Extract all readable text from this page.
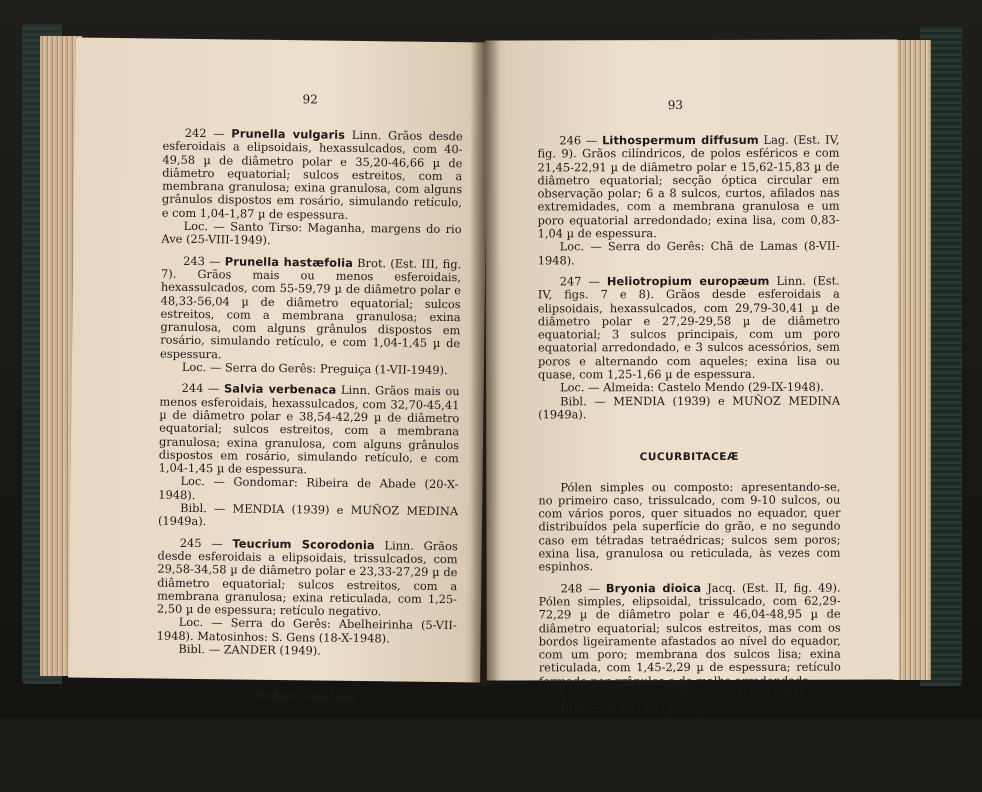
92

242 — Prunella vulgaris Linn. Grãos desde esferoidais a elipsoidais, hexassulcados, com 40-49,58 µ de diâmetro polar e 35,20-46,66 µ de diâmetro equatorial; sulcos estreitos, com a membrana granulosa; exina granulosa, com alguns grânulos dispostos em rosário, simulando retículo, e com 1,04-1,87 µ de espessura.

Loc. — Santo Tirso: Maganha, margens do rio Ave (25-VIII-1949).

243 — Prunella hastæfolia Brot. (Est. III, fig. 7). Grãos mais ou menos esferoidais, hexassulcados, com 55-59,79 µ de diâmetro polar e 48,33-56,04 µ de diâmetro equatorial; sulcos estreitos, com a membrana granulosa; exina granulosa, com alguns grânulos dispostos em rosário, simulando retículo, e com 1,04-1,45 µ de espessura.

Loc. — Serra do Gerês: Preguiça (1-VII-1949).

244 — Salvia verbenaca Linn. Grãos mais ou menos esferoidais, hexassulcados, com 32,70-45,41 µ de diâmetro polar e 38,54-42,29 µ de diâmetro equatorial; sulcos estreitos, com a membrana granulosa; exina granulosa, com alguns grânulos dispostos em rosário, simulando retículo, e com 1,04-1,45 µ de espessura.

Loc. — Gondomar: Ribeira de Abade (20-X-1948).

Bibl. — MENDIA (1939) e MUÑOZ MEDINA (1949a).

245 — Teucrium Scorodonia Linn. Grãos desde esferoidais a elipsoidais, trissulcados, com 29,58-34,58 µ de diâmetro polar e 23,33-27,29 µ de diâmetro equatorial; sulcos estreitos, com a membrana granulosa; exina reticulada, com 1,25-2,50 µ de espessura; retículo negativo.

Loc. — Serra do Gerês: Abelheirinha (5-VII-1948). Matosinhos: S. Gens (18-X-1948).

Bibl. — ZANDER (1949).

BORRAGINACEÆ

Pólen simples, desde esferoidal a elipsoidal, cilíndrico ou piriforme, com 3 a 11 sulcos, sempre orientados segundo os meridianos, e com um poro equatorial; sulcos acessórios, quando existem, sem poros; exina desde lisa a granulosa.

93

246 — Lithospermum diffusum Lag. (Est. IV, fig. 9). Grãos cilíndricos, de polos esféricos e com 21,45-22,91 µ de diâmetro polar e 15,62-15,83 µ de diâmetro equatorial; secção óptica circular em observação polar; 6 a 8 sulcos, curtos, afilados nas extremidades, com a membrana granulosa e um poro equatorial arredondado; exina lisa, com 0,83-1,04 µ de espessura.

Loc. — Serra do Gerês: Chã de Lamas (8-VII-1948).

247 — Heliotropium europæum Linn. (Est. IV, figs. 7 e 8). Grãos desde esferoidais a elipsoidais, hexassulcados, com 29,79-30,41 µ de diâmetro polar e 27,29-29,58 µ de diâmetro equatorial; 3 sulcos principais, com um poro equatorial arredondado, e 3 sulcos acessórios, sem poros e alternando com aqueles; exina lisa ou quase, com 1,25-1,66 µ de espessura.

Loc. — Almeida: Castelo Mendo (29-IX-1948).

Bibl. — MENDIA (1939) e MUÑOZ MEDINA (1949a).

CUCURBITACEÆ

Pólen simples ou composto: apresentando-se, no primeiro caso, trissulcado, com 9-10 sulcos, ou com vários poros, quer situados no equador, quer distribuídos pela superfície do grão, e no segundo caso em tétradas tetraédricas; sulcos sem poros; exina lisa, granulosa ou reticulada, às vezes com espinhos.

248 — Bryonia dioica Jacq. (Est. II, fig. 49). Pólen simples, elipsoidal, trissulcado, com 62,29-72,29 µ de diâmetro polar e 46,04-48,95 µ de diâmetro equatorial; sulcos estreitos, mas com os bordos ligeiramente afastados ao nível do equador, com um poro; membrana dos sulcos lisa; exina reticulada, com 1,45-2,29 µ de espessura; retículo formado por grânulos e de malha arredondada.

Loc. — Matosinhos: Boa Nova (13-X-1948).

Bibl. — MENDIA (1939).

Alguns grãos desta espécie apresentam como que quatro sulcos oblíquos à linha do equador, convergindo dois a dois e unindo-se, alternadamente, acima e abaixo daquela linha. Ori-
